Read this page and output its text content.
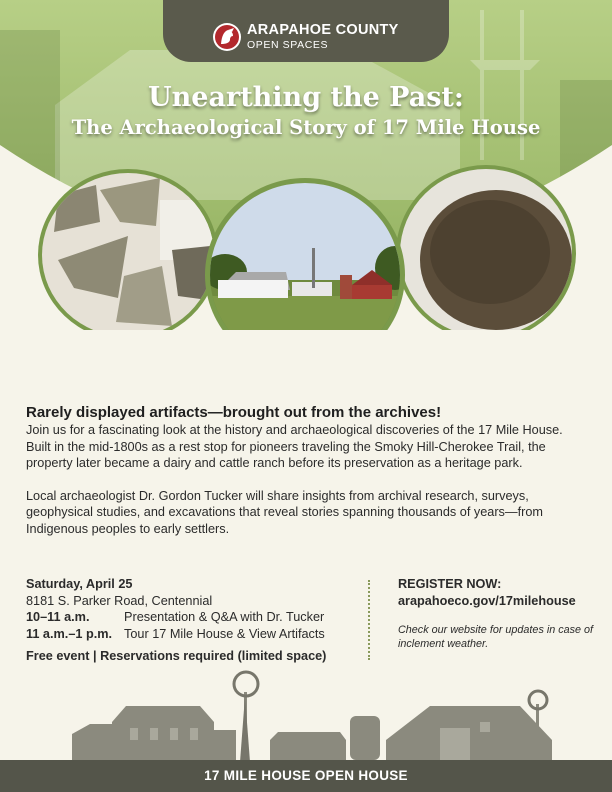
ARAPAHOE COUNTY
OPEN SPACES
Unearthing the Past:
The Archaeological Story of 17 Mile House

Rarely displayed artifacts—brought out from the archives!

Join us for a fascinating look at the history and archaeological discoveries of the 17 Mile House. Built in the mid-1800s as a rest stop for pioneers traveling the Smoky Hill-Cherokee Trail, the property later became a dairy and cattle ranch before its preservation as a heritage park.

Local archaeologist Dr. Gordon Tucker will share insights from archival research, surveys, geophysical studies, and excavations that reveal stories spanning thousands of years—from Indigenous peoples to early settlers.

Saturday, April 25
8181 S. Parker Road, Centennial
10–11 a.m.	Presentation & Q&A with Dr. Tucker
11 a.m.–1 p.m. Tour 17 Mile House & View Artifacts
Free event | Reservations required (limited space)
REGISTER NOW:
arapahoeco.gov/17milehouse
Check our website for updates in case of inclement weather.
17 MILE HOUSE OPEN HOUSE
